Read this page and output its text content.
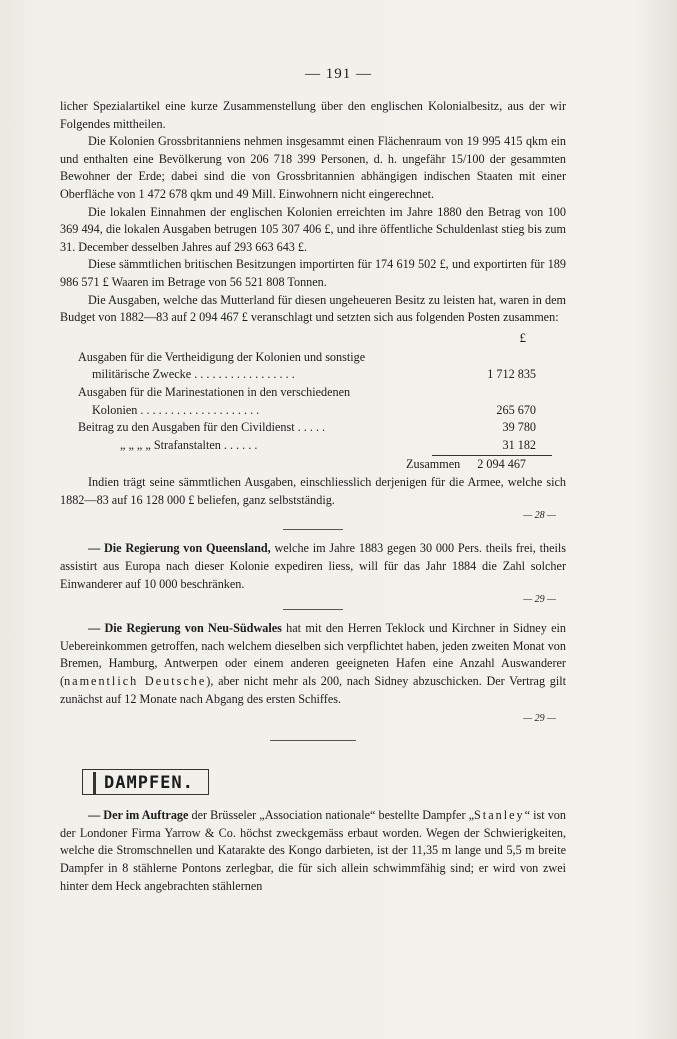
— 191 —

licher Spezialartikel eine kurze Zusammenstellung über den englischen Kolonialbesitz, aus der wir Folgendes mittheilen.

Die Kolonien Grossbritanniens nehmen insgesammt einen Flächenraum von 19 995 415 qkm ein und enthalten eine Bevölkerung von 206 718 399 Personen, d. h. ungefähr 15/100 der gesammten Bewohner der Erde; dabei sind die von Grossbritannien abhängigen indischen Staaten mit einer Oberfläche von 1 472 678 qkm und 49 Mill. Einwohnern nicht eingerechnet.

Die lokalen Einnahmen der englischen Kolonien erreichten im Jahre 1880 den Betrag von 100 369 494, die lokalen Ausgaben betrugen 105 307 406 £, und ihre öffentliche Schuldenlast stieg bis zum 31. December desselben Jahres auf 293 663 643 £.

Diese sämmtlichen britischen Besitzungen importirten für 174 619 502 £, und exportirten für 189 986 571 £ Waaren im Betrage von 56 521 808 Tonnen.

Die Ausgaben, welche das Mutterland für diesen ungeheueren Besitz zu leisten hat, waren in dem Budget von 1882—83 auf 2 094 467 £ veranschlagt und setzten sich aus folgenden Posten zusammen:

£
Ausgaben für die Vertheidigung der Kolonien und sonstige
militärische Zwecke . . . . . . . . . . . . . . . . .	1 712 835
Ausgaben für die Marinestationen in den verschiedenen
Kolonien . . . . . . . . . . . . . . . . . . . .	265 670
Beitrag zu den Ausgaben für den Civildienst . . . . .	39 780
„ „ „ „ Strafanstalten . . . . . .	31 182
Zusammen 2 094 467

Indien trägt seine sämmtlichen Ausgaben, einschliesslich derjenigen für die Armee, welche sich 1882—83 auf 16 128 000 £ beliefen, ganz selbstständig.

— 28 —

— Die Regierung von Queensland, welche im Jahre 1883 gegen 30 000 Pers. theils frei, theils assistirt aus Europa nach dieser Kolonie expediren liess, will für das Jahr 1884 die Zahl solcher Einwanderer auf 10 000 beschränken.

— 29 —

— Die Regierung von Neu-Südwales hat mit den Herren Teklock und Kirchner in Sidney ein Uebereinkommen getroffen, nach welchem dieselben sich verpflichtet haben, jeden zweiten Monat von Bremen, Hamburg, Antwerpen oder einem anderen geeigneten Hafen eine Anzahl Auswanderer (namentlich Deutsche), aber nicht mehr als 200, nach Sidney abzuschicken. Der Vertrag gilt zunächst auf 12 Monate nach Abgang des ersten Schiffes.

— 29 —
DAMPFEN.

— Der im Auftrage der Brüsseler „Association nationale“ bestellte Dampfer „Stanley“ ist von der Londoner Firma Yarrow & Co. höchst zweckgemäss erbaut worden. Wegen der Schwierigkeiten, welche die Stromschnellen und Katarakte des Kongo darbieten, ist der 11,35 m lange und 5,5 m breite Dampfer in 8 stählerne Pontons zerlegbar, die für sich allein schwimmfähig sind; er wird von zwei hinter dem Heck angebrachten stählernen
